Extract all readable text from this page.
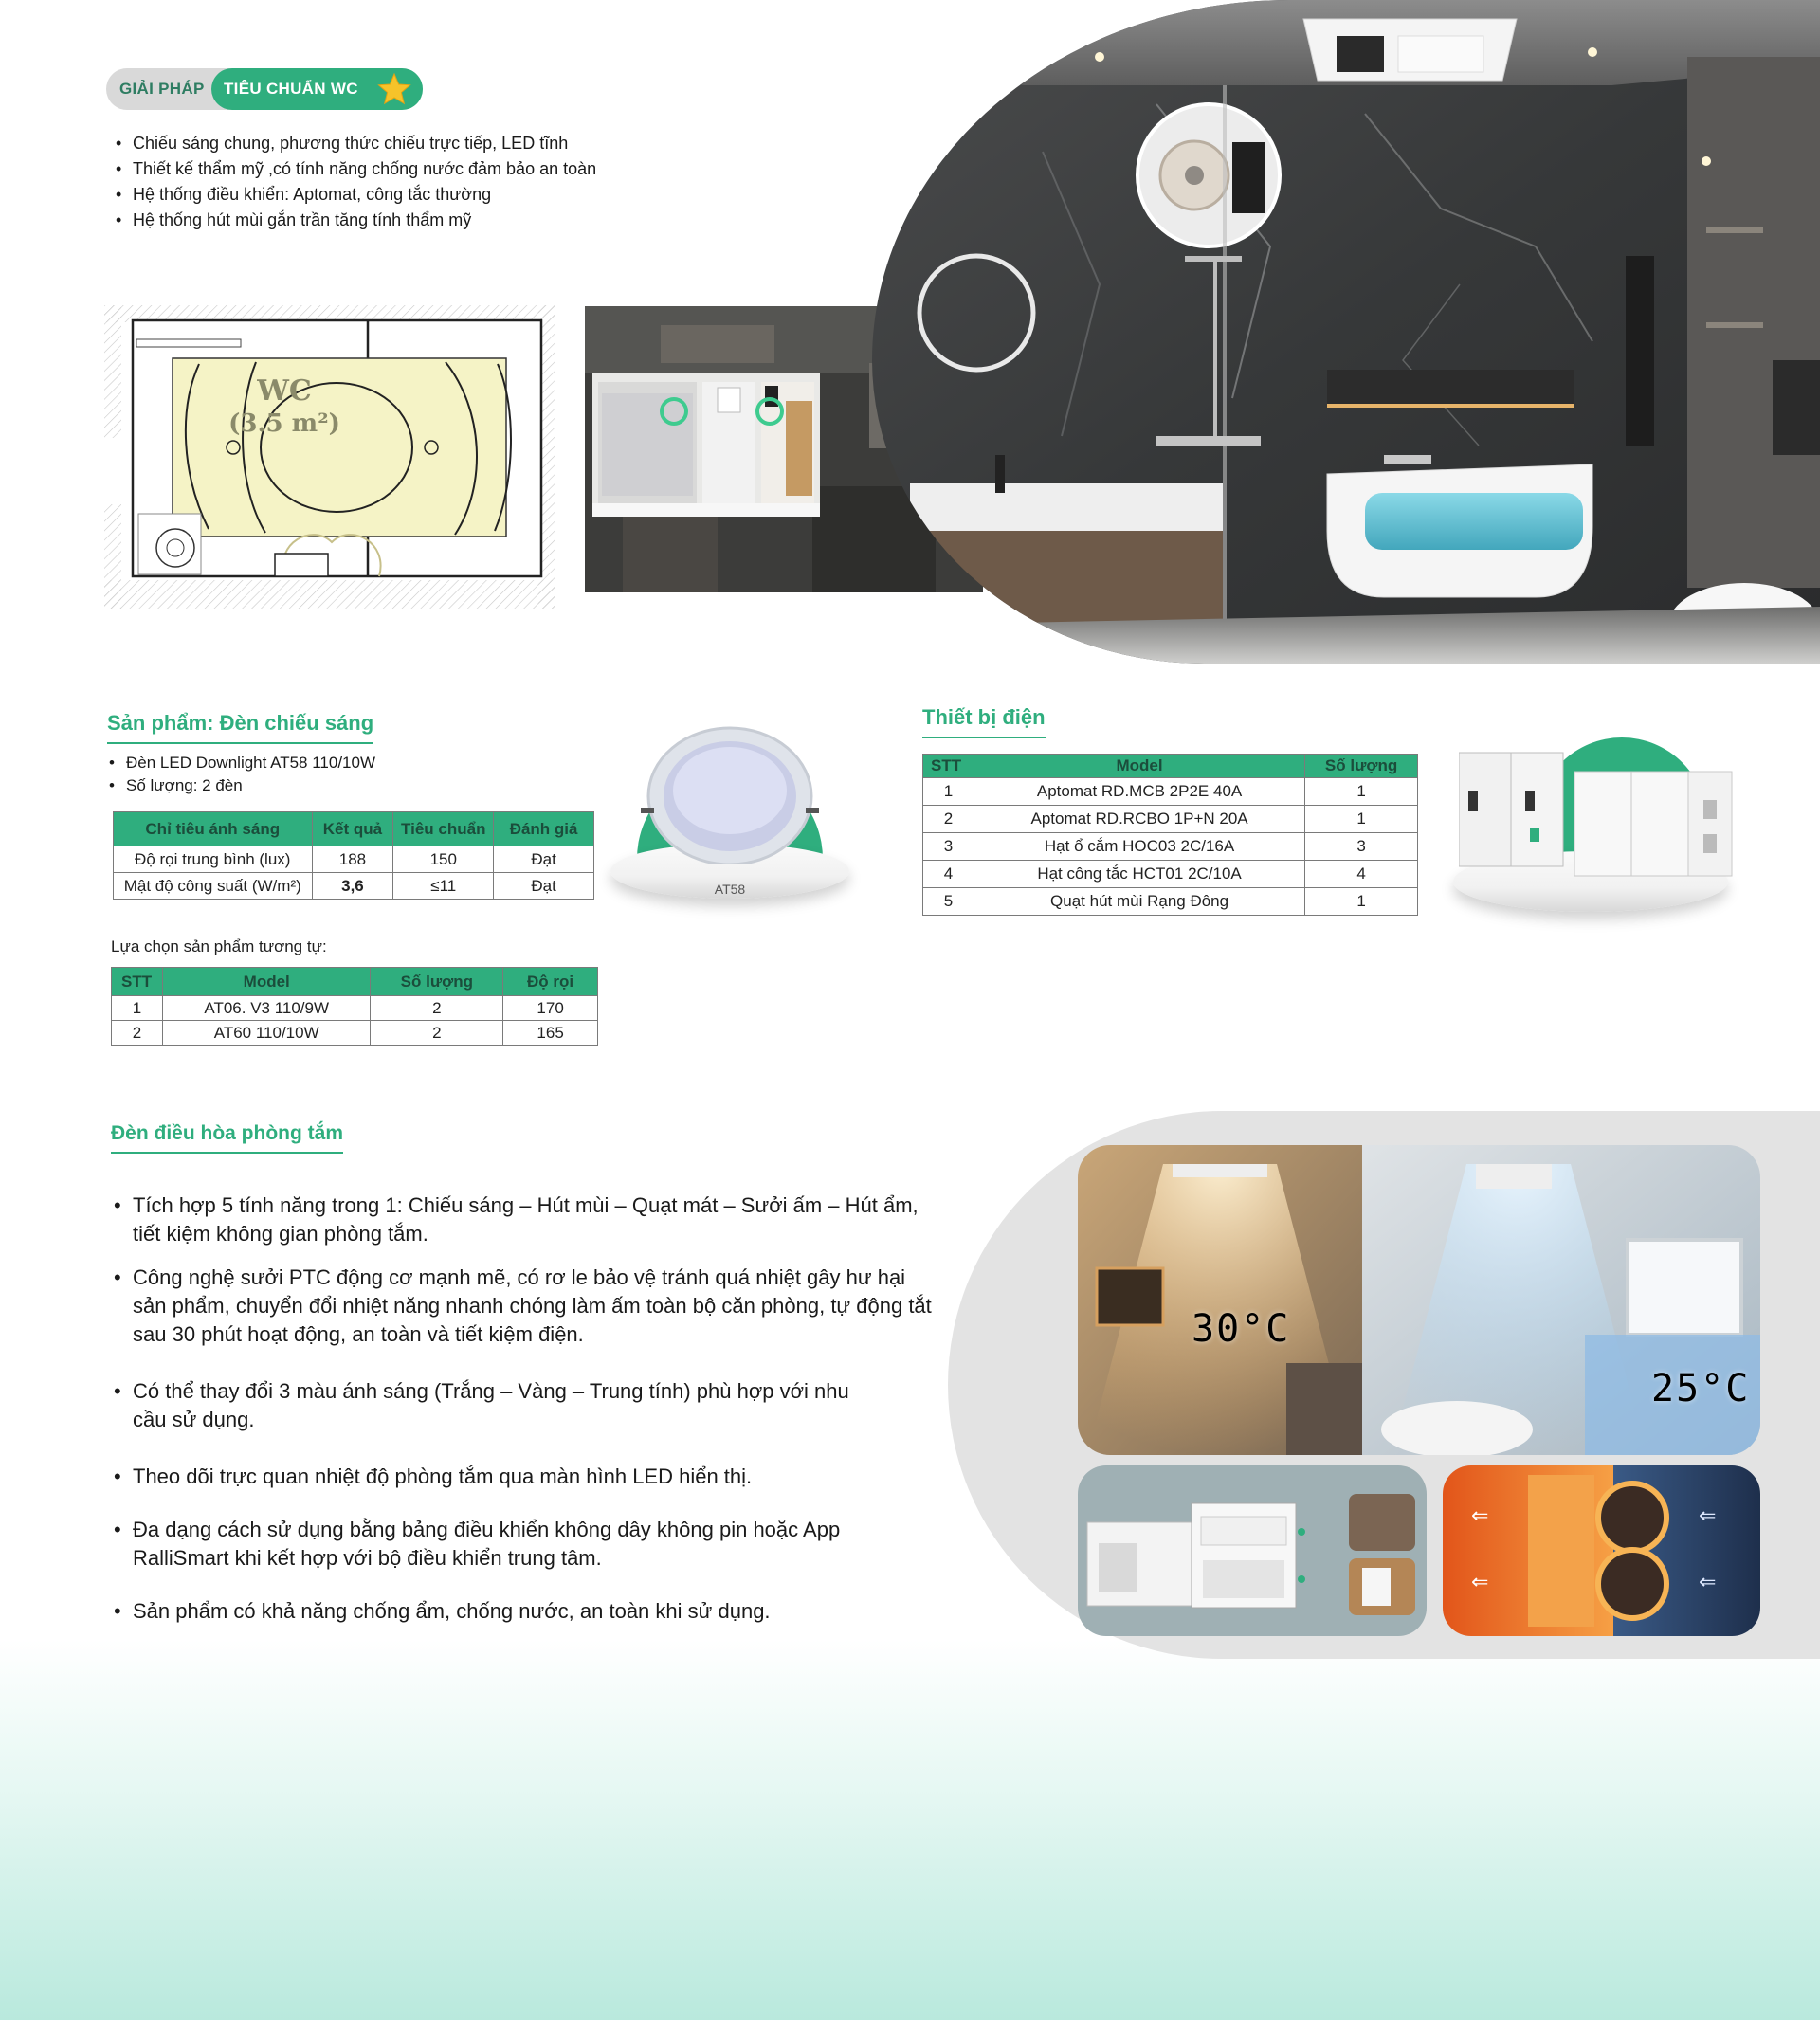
GIẢI PHÁP TIÊU CHUẨN WC
• Chiếu sáng chung, phương thức chiếu trực tiếp, LED tĩnh
• Thiết kế thẩm mỹ ,có tính năng chống nước đảm bảo an toàn
• Hệ thống điều khiển: Aptomat, công tắc thường
• Hệ thống hút mùi gắn trần tăng tính thẩm mỹ
WC
(3.5 m²)
Sản phẩm: Đèn chiếu sáng
• Đèn LED Downlight AT58 110/10W
• Số lượng: 2 đèn
Chỉ tiêu ánh sáng	Kết quả	Tiêu chuẩn	Đánh giá
Độ rọi trung bình (lux)	188	150	Đạt
Mật độ công suất (W/m²)	3,6	≤11	Đạt	AT58
Lựa chọn sản phẩm tương tự:
STT	Model	Số lượng	Độ rọi
1	AT06. V3 110/9W	2	170
2	AT60 110/10W	2	165
Thiết bị điện
STT	Model	Số lượng
1	Aptomat RD.MCB 2P2E 40A	1
2	Aptomat RD.RCBO 1P+N 20A	1
3	Hạt ổ cắm HOC03 2C/16A	3
4	Hạt công tắc HCT01 2C/10A	4
5	Quạt hút mùi Rạng Đông	1
Đèn điều hòa phòng tắm
• Tích hợp 5 tính năng trong 1: Chiếu sáng – Hút mùi – Quạt mát – Sưởi ấm – Hút ẩm, tiết kiệm không gian phòng tắm.
• Công nghệ sưởi PTC động cơ mạnh mẽ, có rơ le bảo vệ tránh quá nhiệt gây hư hại sản phẩm, chuyển đổi nhiệt năng nhanh chóng làm ấm toàn bộ căn phòng, tự động tắt sau 30 phút hoạt động, an toàn và tiết kiệm điện.
• Có thể thay đổi 3 màu ánh sáng (Trắng – Vàng – Trung tính) phù hợp với nhu cầu sử dụng.
• Theo dõi trực quan nhiệt độ phòng tắm qua màn hình LED hiển thị.
• Đa dạng cách sử dụng bằng bảng điều khiển không dây không pin hoặc App RalliSmart khi kết hợp với bộ điều khiển trung tâm.
• Sản phẩm có khả năng chống ẩm, chống nước, an toàn khi sử dụng.
30°C
25°C
⇐
⇐
⇐
⇐
